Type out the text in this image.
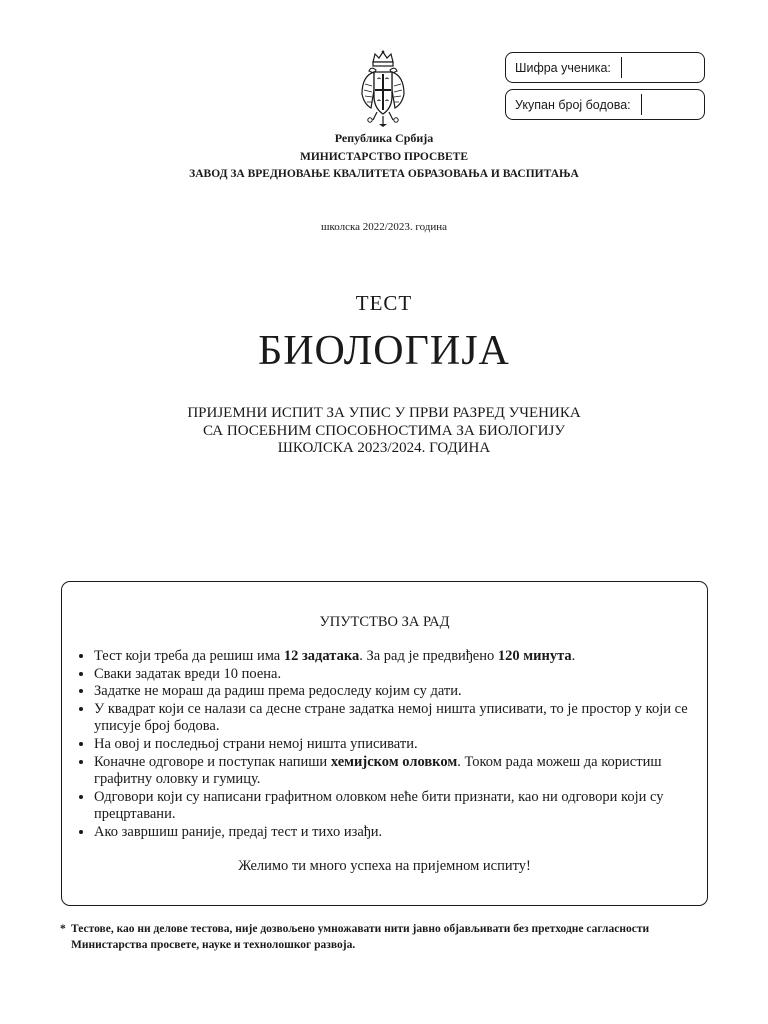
Шифра ученика:
Укупан број бодова:
Република Србија
МИНИСТАРСТВО ПРОСВЕТЕ
ЗАВОД ЗА ВРЕДНОВАЊЕ КВАЛИТЕТА ОБРАЗОВАЊА И ВАСПИТАЊА
школска 2022/2023. година
ТЕСТ
БИОЛОГИЈА
ПРИЈЕМНИ ИСПИТ ЗА УПИС У ПРВИ РАЗРЕД УЧЕНИКА
СА ПОСЕБНИМ СПОСОБНОСТИМА ЗА БИОЛОГИЈУ
ШКОЛСКА 2023/2024. ГОДИНА
УПУТСТВО ЗА РАД
• Тест који треба да решиш има 12 задатака. За рад је предвиђено 120 минута.
• Сваки задатак вреди 10 поена.
• Задатке не мораш да радиш према редоследу којим су дати.
• У квадрат који се налази са десне стране задатка немој ништа уписивати, то је простор у који се уписује број бодова.
• На овој и последњој страни немој ништа уписивати.
• Коначне одговоре и поступак напиши хемијском оловком. Током рада можеш да користиш графитну оловку и гумицу.
• Одговори који су написани графитном оловком неће бити признати, као ни одговори који су прецртавани.
• Ако завршиш раније, предај тест и тихо изађи.
Желимо ти много успеха на пријемном испиту!
* Тестове, као ни делове тестова, није дозвољено умножавати нити јавно објављивати без претходне сагласности Министарства просвете, науке и технолошког развоја.
